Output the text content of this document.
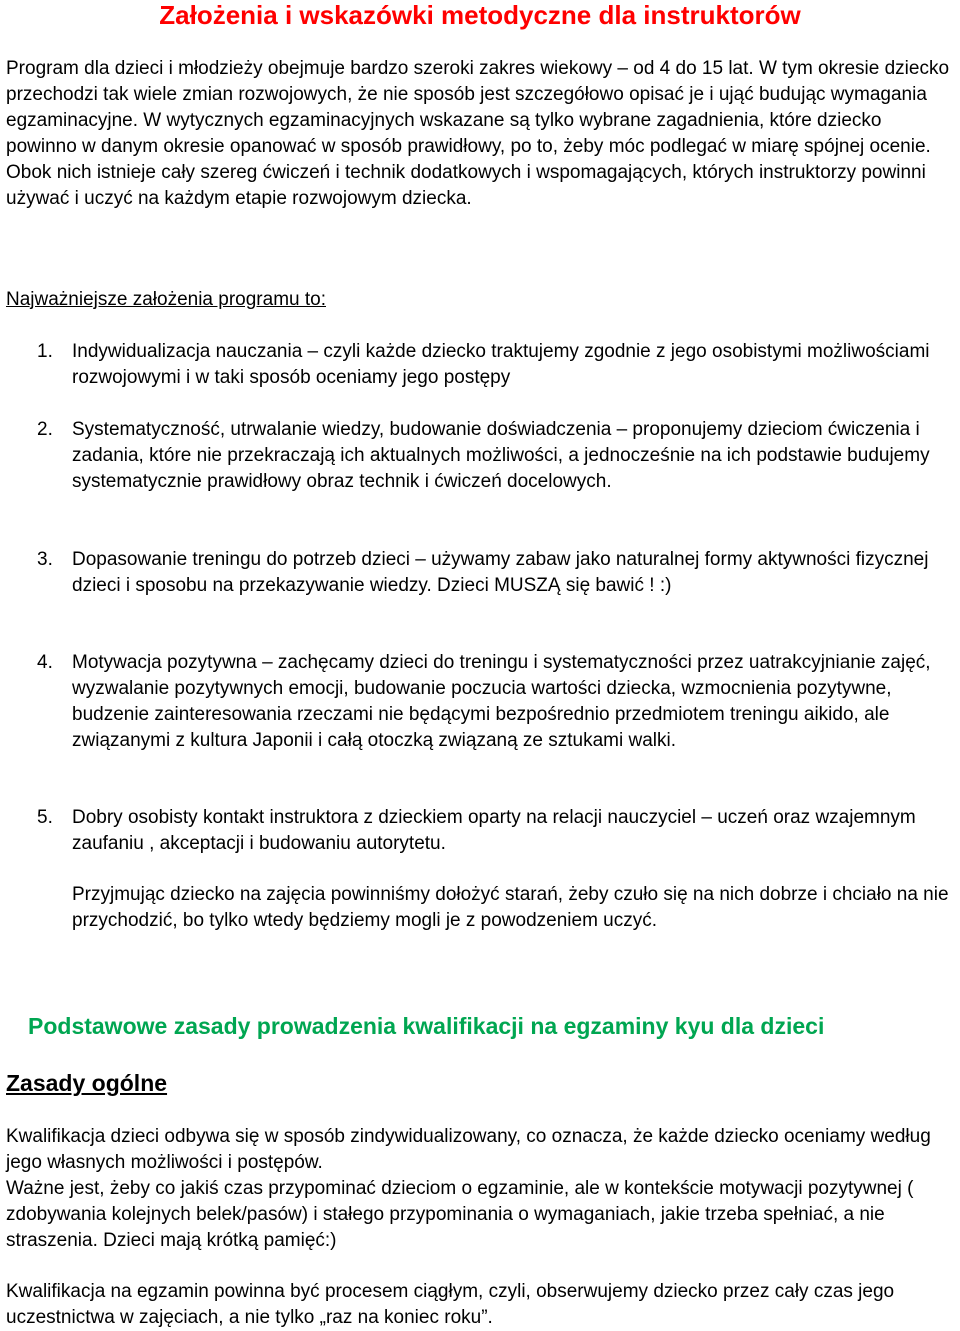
Założenia i wskazówki metodyczne dla instruktorów

Program dla dzieci i młodzieży obejmuje bardzo szeroki zakres wiekowy – od 4 do 15 lat. W tym okresie dziecko przechodzi tak wiele zmian rozwojowych, że nie sposób jest szczegółowo opisać je i ująć budując wymagania egzaminacyjne. W wytycznych egzaminacyjnych wskazane są tylko wybrane zagadnienia, które dziecko powinno w danym okresie opanować w sposób prawidłowy, po to, żeby móc podlegać w miarę spójnej ocenie. Obok nich istnieje cały szereg ćwiczeń i technik dodatkowych i wspomagających, których instruktorzy powinni używać i uczyć na każdym etapie rozwojowym dziecka.

Najważniejsze założenia programu to:

1. Indywidualizacja nauczania – czyli każde dziecko traktujemy zgodnie z jego osobistymi możliwościami rozwojowymi i w taki sposób oceniamy jego postępy
2. Systematyczność, utrwalanie wiedzy, budowanie doświadczenia – proponujemy dzieciom ćwiczenia i zadania, które nie przekraczają ich aktualnych możliwości, a jednocześnie na ich podstawie budujemy systematycznie prawidłowy obraz technik i ćwiczeń docelowych.
3. Dopasowanie treningu do potrzeb dzieci – używamy zabaw jako naturalnej formy aktywności fizycznej dzieci i sposobu na przekazywanie wiedzy. Dzieci MUSZĄ się bawić ! :)
4. Motywacja pozytywna – zachęcamy dzieci do treningu i systematyczności przez uatrakcyjnianie zajęć, wyzwalanie pozytywnych emocji, budowanie poczucia wartości dziecka, wzmocnienia pozytywne, budzenie zainteresowania rzeczami nie będącymi bezpośrednio przedmiotem treningu aikido, ale związanymi z kultura Japonii i całą otoczką związaną ze sztukami walki.
5. Dobry osobisty kontakt instruktora z dzieckiem oparty na relacji nauczyciel – uczeń oraz wzajemnym zaufaniu , akceptacji i budowaniu autorytetu.

Przyjmując dziecko na zajęcia powinniśmy dołożyć starań, żeby czuło się na nich dobrze i chciało na nie przychodzić, bo tylko wtedy będziemy mogli je z powodzeniem uczyć.

Podstawowe zasady prowadzenia kwalifikacji na egzaminy kyu dla dzieci
Zasady ogólne

Kwalifikacja dzieci odbywa się w sposób zindywidualizowany, co oznacza, że każde dziecko oceniamy według jego własnych możliwości i postępów.
Ważne jest, żeby co jakiś czas przypominać dzieciom o egzaminie, ale w kontekście motywacji pozytywnej ( zdobywania kolejnych belek/pasów) i stałego przypominania o wymaganiach, jakie trzeba spełniać, a nie straszenia. Dzieci mają krótką pamięć:)

Kwalifikacja na egzamin powinna być procesem ciągłym, czyli, obserwujemy dziecko przez cały czas jego uczestnictwa w zajęciach, a nie tylko „raz na koniec roku”.
